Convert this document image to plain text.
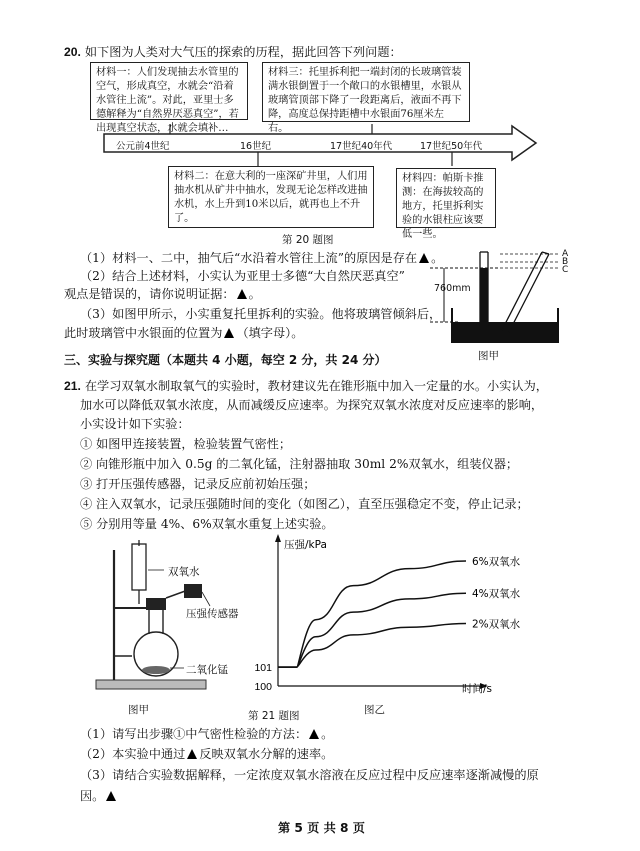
20. 如下图为人类对大气压的探索的历程，据此回答下列问题：
材料一：人们发现抽去水管里的空气，形成真空，水就会“沿着水管往上流”。对此，亚里士多德解释为“自然界厌恶真空”，若出现真空状态，水就会填补…
材料三：托里拆利把一端封闭的长玻璃管装满水银倒置于一个敞口的水银槽里，水银从玻璃管顶部下降了一段距离后，液面不再下降，高度总保持距槽中水银面76厘米左右。
材料二：在意大利的一座深矿井里，人们用抽水机从矿井中抽水，发现无论怎样改进抽水机，水上升到10米以后，就再也上不升了。
材料四：帕斯卡推测：在海拔较高的地方，托里拆利实验的水银柱应该要低一些。
公元前4世纪	16世纪	17世纪40年代	17世纪50年代
第 20 题图
（1）材料一、二中，抽气后“水沿着水管往上流”的原因是存在 。
（2）结合上述材料，小实认为亚里士多德“大自然厌恶真空”
观点是错误的，请你说明证据： 。
（3）如图甲所示，小实重复托里拆利的实验。他将玻璃管倾斜后，
此时玻璃管中水银面的位置为 （填字母）。
760mm
A
B
C
图甲
三、实验与探究题（本题共 4 小题，每空 2 分，共 24 分）
21. 在学习双氧水制取氧气的实验时，教材建议先在锥形瓶中加入一定量的水。小实认为，
加水可以降低双氧水浓度，从而减缓反应速率。为探究双氧水浓度对反应速率的影响，
小实设计如下实验：
① 如图甲连接装置，检验装置气密性；
② 向锥形瓶中加入 0.5g 的二氧化锰，注射器抽取 30ml 2%双氧水，组装仪器；
③ 打开压强传感器，记录反应前初始压强；
④ 注入双氧水，记录压强随时间的变化（如图乙），直至压强稳定不变，停止记录；
⑤ 分别用等量 4%、6%双氧水重复上述实验。
双氧水
压强传感器
二氧化锰
图甲
101
100
压强/kPa
时间/s
6%双氧水
4%双氧水
2%双氧水
图乙
第 21 题图
（1）请写出步骤①中气密性检验的方法： 。
（2）本实验中通过 反映双氧水分解的速率。
（3）请结合实验数据解释，一定浓度双氧水溶液在反应过程中反应速率逐渐减慢的原
因。
第 5 页 共 8 页
